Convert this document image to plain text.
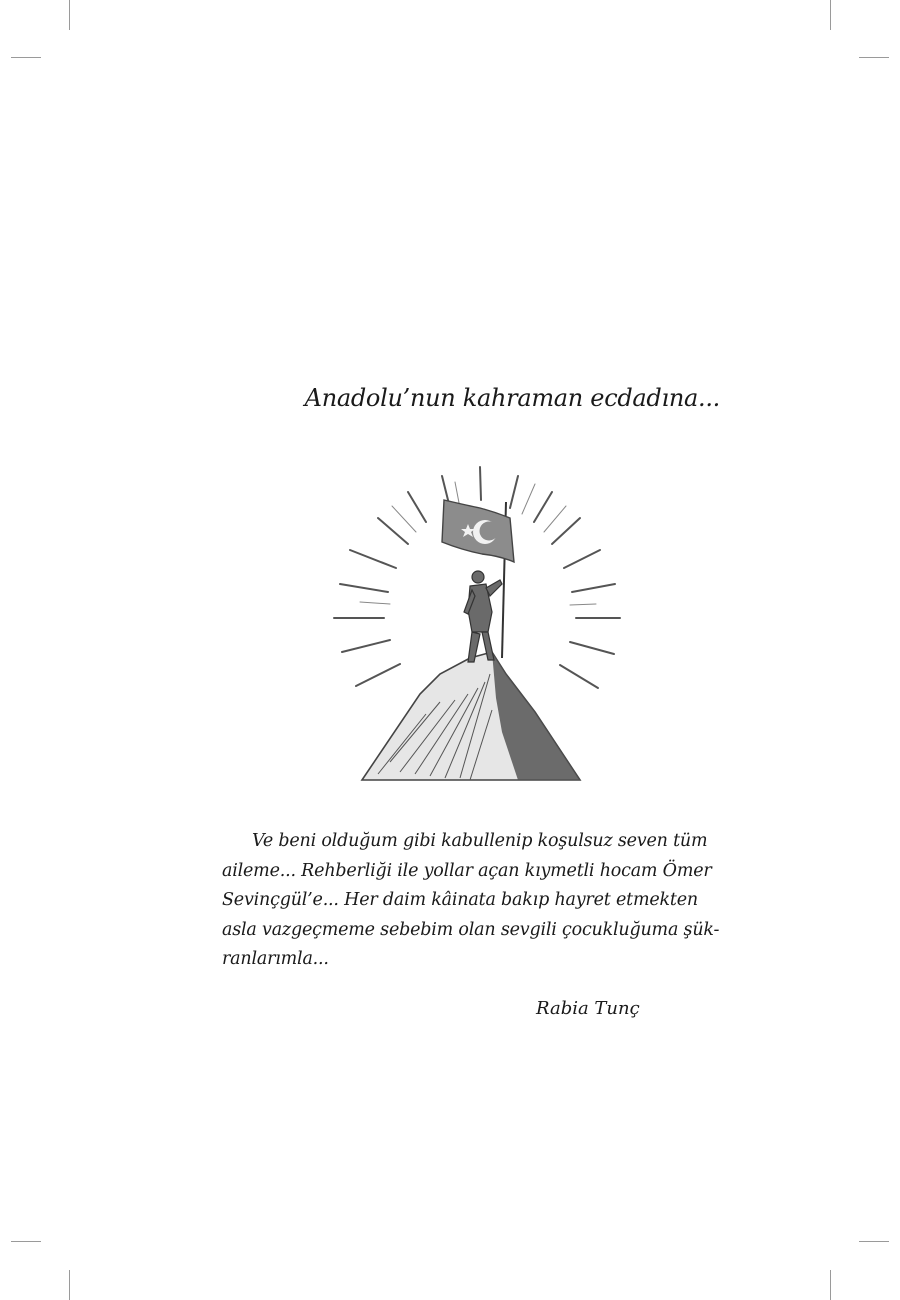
Anadolu’nun kahraman ecdadına...
Ve beni olduğum gibi kabullenip koşulsuz seven tüm
aileme... Rehberliği ile yollar açan kıymetli hocam Ömer
Sevinçgül’e... Her daim kâinata bakıp hayret etmekten
asla vazgeçmeme sebebim olan sevgili çocukluğuma şük-
ranlarımla...
Rabia Tunç
